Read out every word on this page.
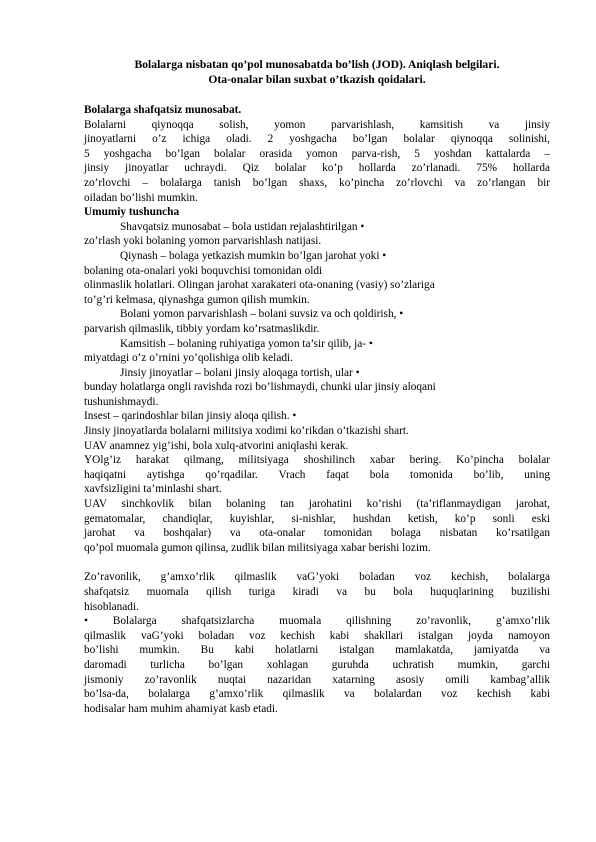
Bolalarga nisbatan qo’pol munosabatda bo’lish (JOD). Aniqlash belgilari.
Ota-onalar bilan suxbat o’tkazish qoidalari.
Bolalarga shafqatsiz munosabat.
Bolalarni qiynoqqa solish, yomon parvarishlash, kamsitish va jinsiy
jinoyatlarni o’z ichiga oladi. 2 yoshgacha bo’lgan bolalar qiynoqqa solinishi,
5 yoshgacha bo’lgan bolalar orasida yomon parva-rish, 5 yoshdan kattalarda –
jinsiy jinoyatlar uchraydi. Qiz bolalar ko’p hollarda zo’rlanadi. 75% hollarda
zo’rlovchi – bolalarga tanish bo’lgan shaxs, ko’pincha zo’rlovchi va zo’rlangan bir
oiladan bo’lishi mumkin.
Umumiy tushuncha
Shavqatsiz munosabat – bola ustidan rejalashtirilgan •
zo’rlash yoki bolaning yomon parvarishlash natijasi.
Qiynash – bolaga yetkazish mumkin bo’lgan jarohat yoki •
bolaning ota-onalari yoki boquvchisi tomonidan oldi
olinmaslik holatlari. Olingan jarohat xarakateri ota-onaning (vasiy) so’zlariga
to’g’ri kelmasa, qiynashga gumon qilish mumkin.
Bolani yomon parvarishlash – bolani suvsiz va och qoldirish, •
parvarish qilmaslik, tibbiy yordam ko’rsatmaslikdir.
Kamsitish – bolaning ruhiyatiga yomon ta’sir qilib, ja- •
miyatdagi o’z o’rnini yo’qolishiga olib keladi.
Jinsiy jinoyatlar – bolani jinsiy aloqaga tortish, ular •
bunday holatlarga ongli ravishda rozi bo’lishmaydi, chunki ular jinsiy aloqani
tushunishmaydi.
Insest – qarindoshlar bilan jinsiy aloqa qilish. •
Jinsiy jinoyatlarda bolalarni militsiya xodimi ko’rikdan o’tkazishi shart.
UAV anamnez yig’ishi, bola xulq-atvorini aniqlashi kerak.
YOlg’iz harakat qilmang, militsiyaga shoshilinch xabar bering. Ko’pincha bolalar
haqiqatni aytishga qo’rqadilar. Vrach faqat bola tomonida bo’lib, uning
xavfsizligini ta’minlashi shart.
UAV sinchkovlik bilan bolaning tan jarohatini ko’rishi (ta’riflanmaydigan jarohat,
gematomalar, chandiqlar, kuyishlar, si-nishlar, hushdan ketish, ko’p sonli eski
jarohat va boshqalar) va ota-onalar tomonidan bolaga nisbatan ko’rsatilgan
qo’pol muomala gumon qilinsa, zudlik bilan militsiyaga xabar berishi lozim.
Zo’ravonlik, g’amxo’rlik qilmaslik vaG’yoki boladan voz kechish, bolalarga
shafqatsiz muomala qilish turiga kiradi va bu bola huquqlarining buzilishi
hisoblanadi.
• Bolalarga shafqatsizlarcha muomala qilishning zo’ravonlik, g’amxo’rlik
qilmaslik vaG’yoki boladan voz kechish kabi shakllari istalgan joyda namoyon
bo’lishi mumkin. Bu kabi holatlarni istalgan mamlakatda, jamiyatda va
daromadi turlicha bo’lgan xohlagan guruhda uchratish mumkin, garchi
jismoniy zo’ravonlik nuqtai nazaridan xatarning asosiy omili kambag’allik
bo’lsa-da, bolalarga g’amxo’rlik qilmaslik va bolalardan voz kechish kabi
hodisalar ham muhim ahamiyat kasb etadi.
